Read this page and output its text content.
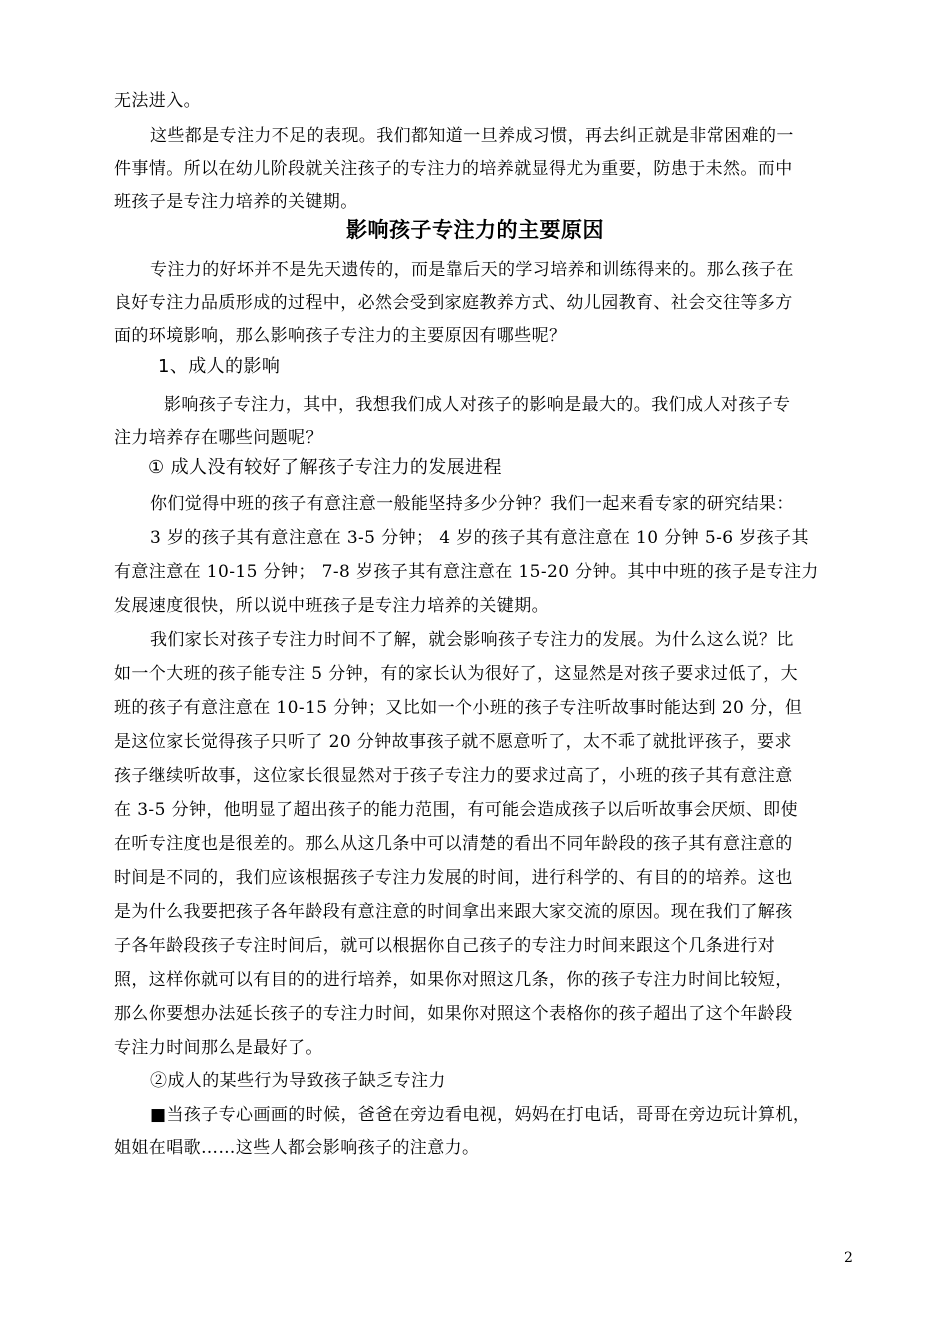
无法进入。
这些都是专注力不足的表现。我们都知道一旦养成习惯，再去纠正就是非常困难的一
件事情。所以在幼儿阶段就关注孩子的专注力的培养就显得尤为重要，防患于未然。而中
班孩子是专注力培养的关键期。
影响孩子专注力的主要原因
专注力的好坏并不是先天遗传的，而是靠后天的学习培养和训练得来的。那么孩子在
良好专注力品质形成的过程中，必然会受到家庭教养方式、幼儿园教育、社会交往等多方
面的环境影响，那么影响孩子专注力的主要原因有哪些呢？
1、成人的影响
影响孩子专注力，其中，我想我们成人对孩子的影响是最大的。我们成人对孩子专
注力培养存在哪些问题呢？
① 成人没有较好了解孩子专注力的发展进程
你们觉得中班的孩子有意注意一般能坚持多少分钟？我们一起来看专家的研究结果：
3 岁的孩子其有意注意在 3-5 分钟； 4 岁的孩子其有意注意在 10 分钟 5-6 岁孩子其
有意注意在 10-15 分钟； 7-8 岁孩子其有意注意在 15-20 分钟。其中中班的孩子是专注力
发展速度很快，所以说中班孩子是专注力培养的关键期。
我们家长对孩子专注力时间不了解，就会影响孩子专注力的发展。为什么这么说？比
如一个大班的孩子能专注 5 分钟，有的家长认为很好了，这显然是对孩子要求过低了，大
班的孩子有意注意在 10-15 分钟；又比如一个小班的孩子专注听故事时能达到 20 分，但
是这位家长觉得孩子只听了 20 分钟故事孩子就不愿意听了，太不乖了就批评孩子，要求
孩子继续听故事，这位家长很显然对于孩子专注力的要求过高了，小班的孩子其有意注意
在 3-5 分钟，他明显了超出孩子的能力范围，有可能会造成孩子以后听故事会厌烦、即使
在听专注度也是很差的。那么从这几条中可以清楚的看出不同年龄段的孩子其有意注意的
时间是不同的，我们应该根据孩子专注力发展的时间，进行科学的、有目的的培养。这也
是为什么我要把孩子各年龄段有意注意的时间拿出来跟大家交流的原因。现在我们了解孩
子各年龄段孩子专注时间后，就可以根据你自己孩子的专注力时间来跟这个几条进行对
照，这样你就可以有目的的进行培养，如果你对照这几条，你的孩子专注力时间比较短，
那么你要想办法延长孩子的专注力时间，如果你对照这个表格你的孩子超出了这个年龄段
专注力时间那么是最好了。
②成人的某些行为导致孩子缺乏专注力
■当孩子专心画画的时候，爸爸在旁边看电视，妈妈在打电话，哥哥在旁边玩计算机，
姐姐在唱歌……这些人都会影响孩子的注意力。
2
